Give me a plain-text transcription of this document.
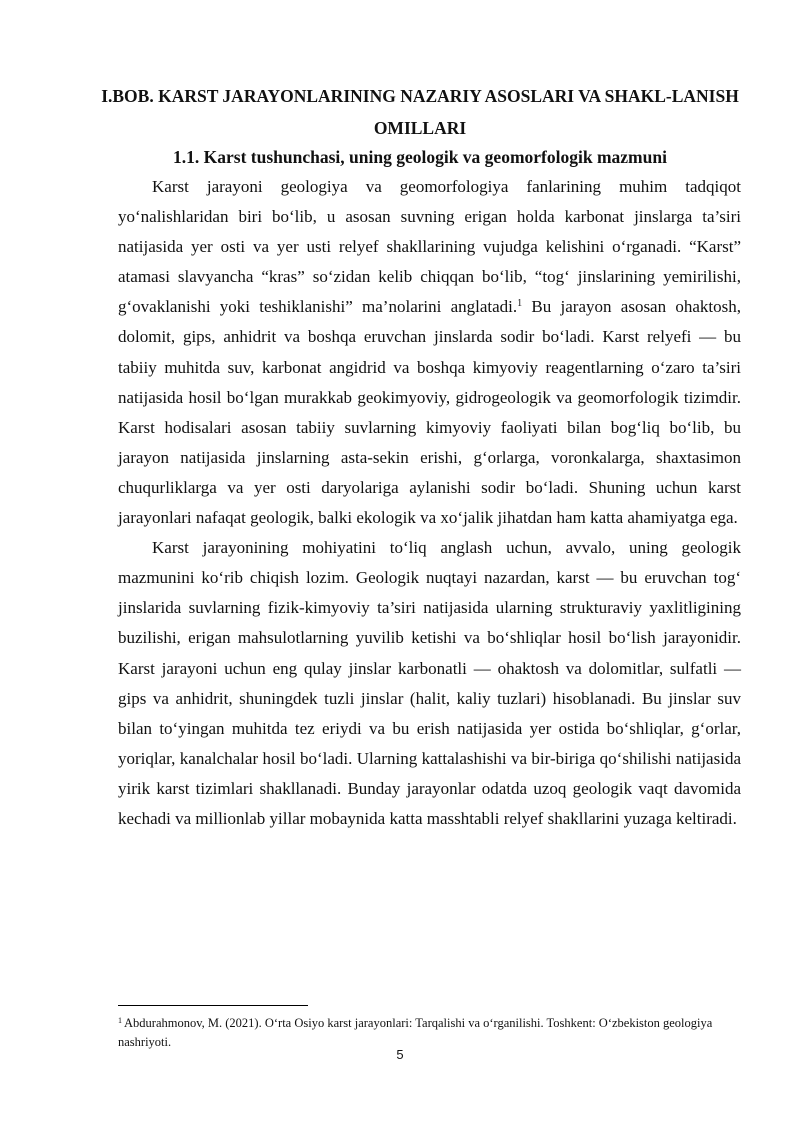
I.BOB. KARST JARAYONLARINING NAZARIY ASOSLARI VA SHAKL-LANISH OMILLARI
1.1. Karst tushunchasi, uning geologik va geomorfologik mazmuni

Karst jarayoni geologiya va geomorfologiya fanlarining muhim tadqiqot yo‘nalishlaridan biri bo‘lib, u asosan suvning erigan holda karbonat jinslarga ta’siri natijasida yer osti va yer usti relyef shakllarining vujudga kelishini o‘rganadi. “Karst” atamasi slavyancha “kras” so‘zidan kelib chiqqan bo‘lib, “tog‘ jinslarining yemirilishi, g‘ovaklanishi yoki teshiklanishi” ma’nolarini anglatadi.$^1$ Bu jarayon asosan ohaktosh, dolomit, gips, anhidrit va boshqa eruvchan jinslarda sodir bo‘ladi. Karst relyefi — bu tabiiy muhitda suv, karbonat angidrid va boshqa kimyoviy reagentlarning o‘zaro ta’siri natijasida hosil bo‘lgan murakkab geokimyoviy, gidrogeologik va geomorfologik tizimdir. Karst hodisalari asosan tabiiy suvlarning kimyoviy faoliyati bilan bog‘liq bo‘lib, bu jarayon natijasida jinslarning asta-sekin erishi, g‘orlarga, voronkalarga, shaxtasimon chuqurliklarga va yer osti daryolariga aylanishi sodir bo‘ladi. Shuning uchun karst jarayonlari nafaqat geologik, balki ekologik va xo‘jalik jihatdan ham katta ahamiyatga ega.

Karst jarayonining mohiyatini to‘liq anglash uchun, avvalo, uning geologik mazmunini ko‘rib chiqish lozim. Geologik nuqtayi nazardan, karst — bu eruvchan tog‘ jinslarida suvlarning fizik-kimyoviy ta’siri natijasida ularning strukturaviy yaxlitligining buzilishi, erigan mahsulotlarning yuvilib ketishi va bo‘shliqlar hosil bo‘lish jarayonidir. Karst jarayoni uchun eng qulay jinslar karbonatli — ohaktosh va dolomitlar, sulfatli — gips va anhidrit, shuningdek tuzli jinslar (halit, kaliy tuzlari) hisoblanadi. Bu jinslar suv bilan to‘yingan muhitda tez eriydi va bu erish natijasida yer ostida bo‘shliqlar, g‘orlar, yoriqlar, kanalchalar hosil bo‘ladi. Ularning kattalashishi va bir-biriga qo‘shilishi natijasida yirik karst tizimlari shakllanadi. Bunday jarayonlar odatda uzoq geologik vaqt davomida kechadi va millionlab yillar mobaynida katta masshtabli relyef shakllarini yuzaga keltiradi.

$^1$ Abdurahmonov, M. (2021). O‘rta Osiyo karst jarayonlari: Tarqalishi va o‘rganilishi. Toshkent: O‘zbekiston geologiya nashriyoti.

5
